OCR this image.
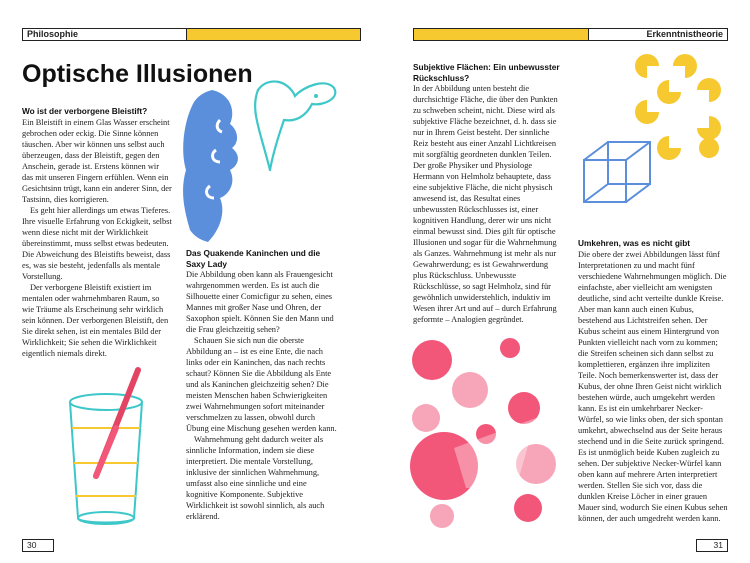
Philosophie
Optische Illusionen
Wo ist der verborgene Bleistift?

Ein Bleistift in einem Glas Wasser erscheint gebrochen oder eckig. Die Sinne können täuschen. Aber wir können uns selbst auch überzeugen, dass der Bleistift, gegen den Anschein, gerade ist. Erstens können wir das mit unseren Fingern erfühlen. Wenn ein Gesichtsinn trügt, kann ein anderer Sinn, der Tastsinn, dies korrigieren.

Es geht hier allerdings um etwas Tieferes. Ihre visuelle Erfahrung von Eckigkeit, selbst wenn diese nicht mit der Wirklichkeit übereinstimmt, muss selbst etwas bedeuten. Die Abweichung des Bleistifts beweist, dass es, was sie besteht, jedenfalls als mentale Vorstellung.

Der verborgene Bleistift existiert im mentalen oder wahrnehmbaren Raum, so wie Träume als Erscheinung sehr wirklich sein können. Der verborgenen Bleistift, den Sie direkt sehen, ist ein mentales Bild der Wirklichkeit; Sie sehen die Wirklichkeit eigentlich niemals direkt.

Das Quakende Kaninchen und die Saxy Lady

Die Abbildung oben kann als Frauengesicht wahrgenommen werden. Es ist auch die Silhouette einer Comicfigur zu sehen, eines Mannes mit großer Nase und Ohren, der Saxophon spielt. Können Sie den Mann und die Frau gleichzeitig sehen?

Schauen Sie sich nun die oberste Abbildung an – ist es eine Ente, die nach links oder ein Kaninchen, das nach rechts schaut? Können Sie die Abbildung als Ente und als Kaninchen gleichzeitig sehen? Die meisten Menschen haben Schwierigkeiten zwei Wahrnehmungen sofort miteinander verschmelzen zu lassen, obwohl durch Übung eine Mischung gesehen werden kann.

Wahrnehmung geht dadurch weiter als sinnliche Information, indem sie diese interpretiert. Die mentale Vorstellung, inklusive der sinnlichen Wahrnehmung, umfasst also eine sinnliche und eine kognitive Komponente. Subjektive Wirklichkeit ist sowohl sinnlich, als auch erklärend.

30
Erkenntnistheorie
Subjektive Flächen: Ein unbewusster Rückschluss?

In der Abbildung unten besteht die durchsichtige Fläche, die über den Punkten zu schweben scheint, nicht. Diese wird als subjektive Fläche bezeichnet, d. h. dass sie nur in Ihrem Geist besteht. Der sinnliche Reiz besteht aus einer Anzahl Lichtkreisen mit sorgfältig geordneten dunklen Teilen. Der große Physiker und Physiologe Hermann von Helmholz behauptete, dass eine subjektive Fläche, die nicht physisch anwesend ist, das Resultat eines unbewussten Rückschlusses ist, einer kognitiven Handlung, derer wir uns nicht einmal bewusst sind. Dies gilt für optische Illusionen und sogar für die Wahrnehmung als Ganzes. Wahrnehmung ist mehr als nur Gewahrwerdung; es ist Gewahrwerdung plus Rückschluss. Unbewusste Rückschlüsse, so sagt Helmholz, sind für gewöhnlich unwiderstehlich, induktiv im Wesen ihrer Art und auf – durch Erfahrung geformte – Analogien gegründet.

Umkehren, was es nicht gibt

Die obere der zwei Abbildungen lässt fünf Interpretationen zu und macht fünf verschiedene Wahrnehmungen möglich. Die einfachste, aber vielleicht am wenigsten deutliche, sind acht verteilte dunkle Kreise. Aber man kann auch einen Kubus, bestehend aus Lichtstreifen sehen. Der Kubus scheint aus einem Hintergrund von Punkten vielleicht nach vorn zu kommen; die Streifen scheinen sich dann selbst zu komplettieren, ergänzen ihre impliziten Teile. Noch bemerkenswerter ist, dass der Kubus, der ohne Ihren Geist nicht wirklich bestehen würde, auch umgekehrt werden kann. Es ist ein umkehrbarer Necker-Würfel, so wie links oben, der sich spontan umkehrt, abwechselnd aus der Seite heraus stechend und in die Seite zurück springend. Es ist unmöglich beide Kuben zugleich zu sehen. Der subjektive Necker-Würfel kann oben kann auf mehrere Arten interpretiert werden. Stellen Sie sich vor, dass die dunklen Kreise Löcher in einer grauen Mauer sind, wodurch Sie einen Kubus sehen können, der auch umgedreht werden kann.

31
